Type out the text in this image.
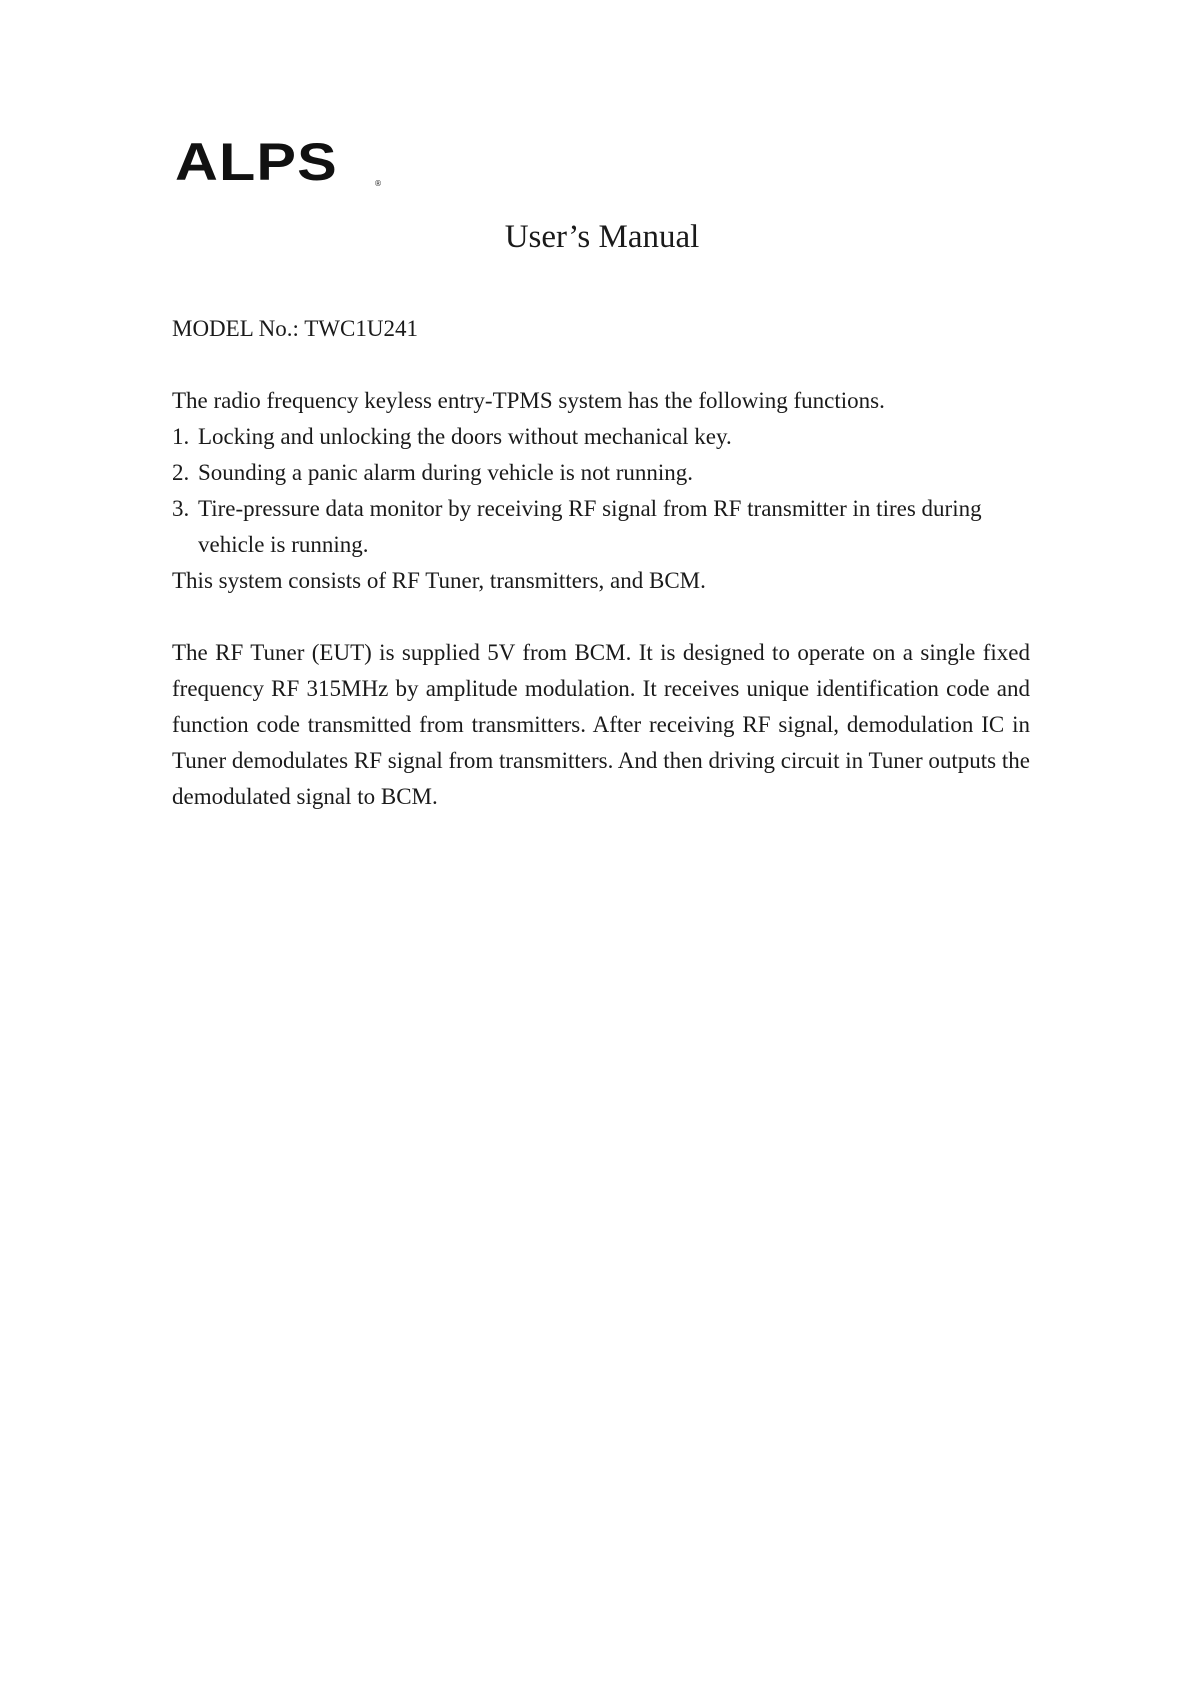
ALPS	®
User’s Manual
MODEL No.: TWC1U241

The radio frequency keyless entry-TPMS system has the following functions.

1. Locking and unlocking the doors without mechanical key.
2. Sounding a panic alarm during vehicle is not running.
3. Tire-pressure data monitor by receiving RF signal from RF transmitter in tires during vehicle is running.

This system consists of RF Tuner, transmitters, and BCM.

The RF Tuner (EUT) is supplied 5V from BCM. It is designed to operate on a single fixed frequency RF 315MHz by amplitude modulation. It receives unique identification code and function code transmitted from transmitters. After receiving RF signal, demodulation IC in Tuner demodulates RF signal from transmitters. And then driving circuit in Tuner outputs the demodulated signal to BCM.
